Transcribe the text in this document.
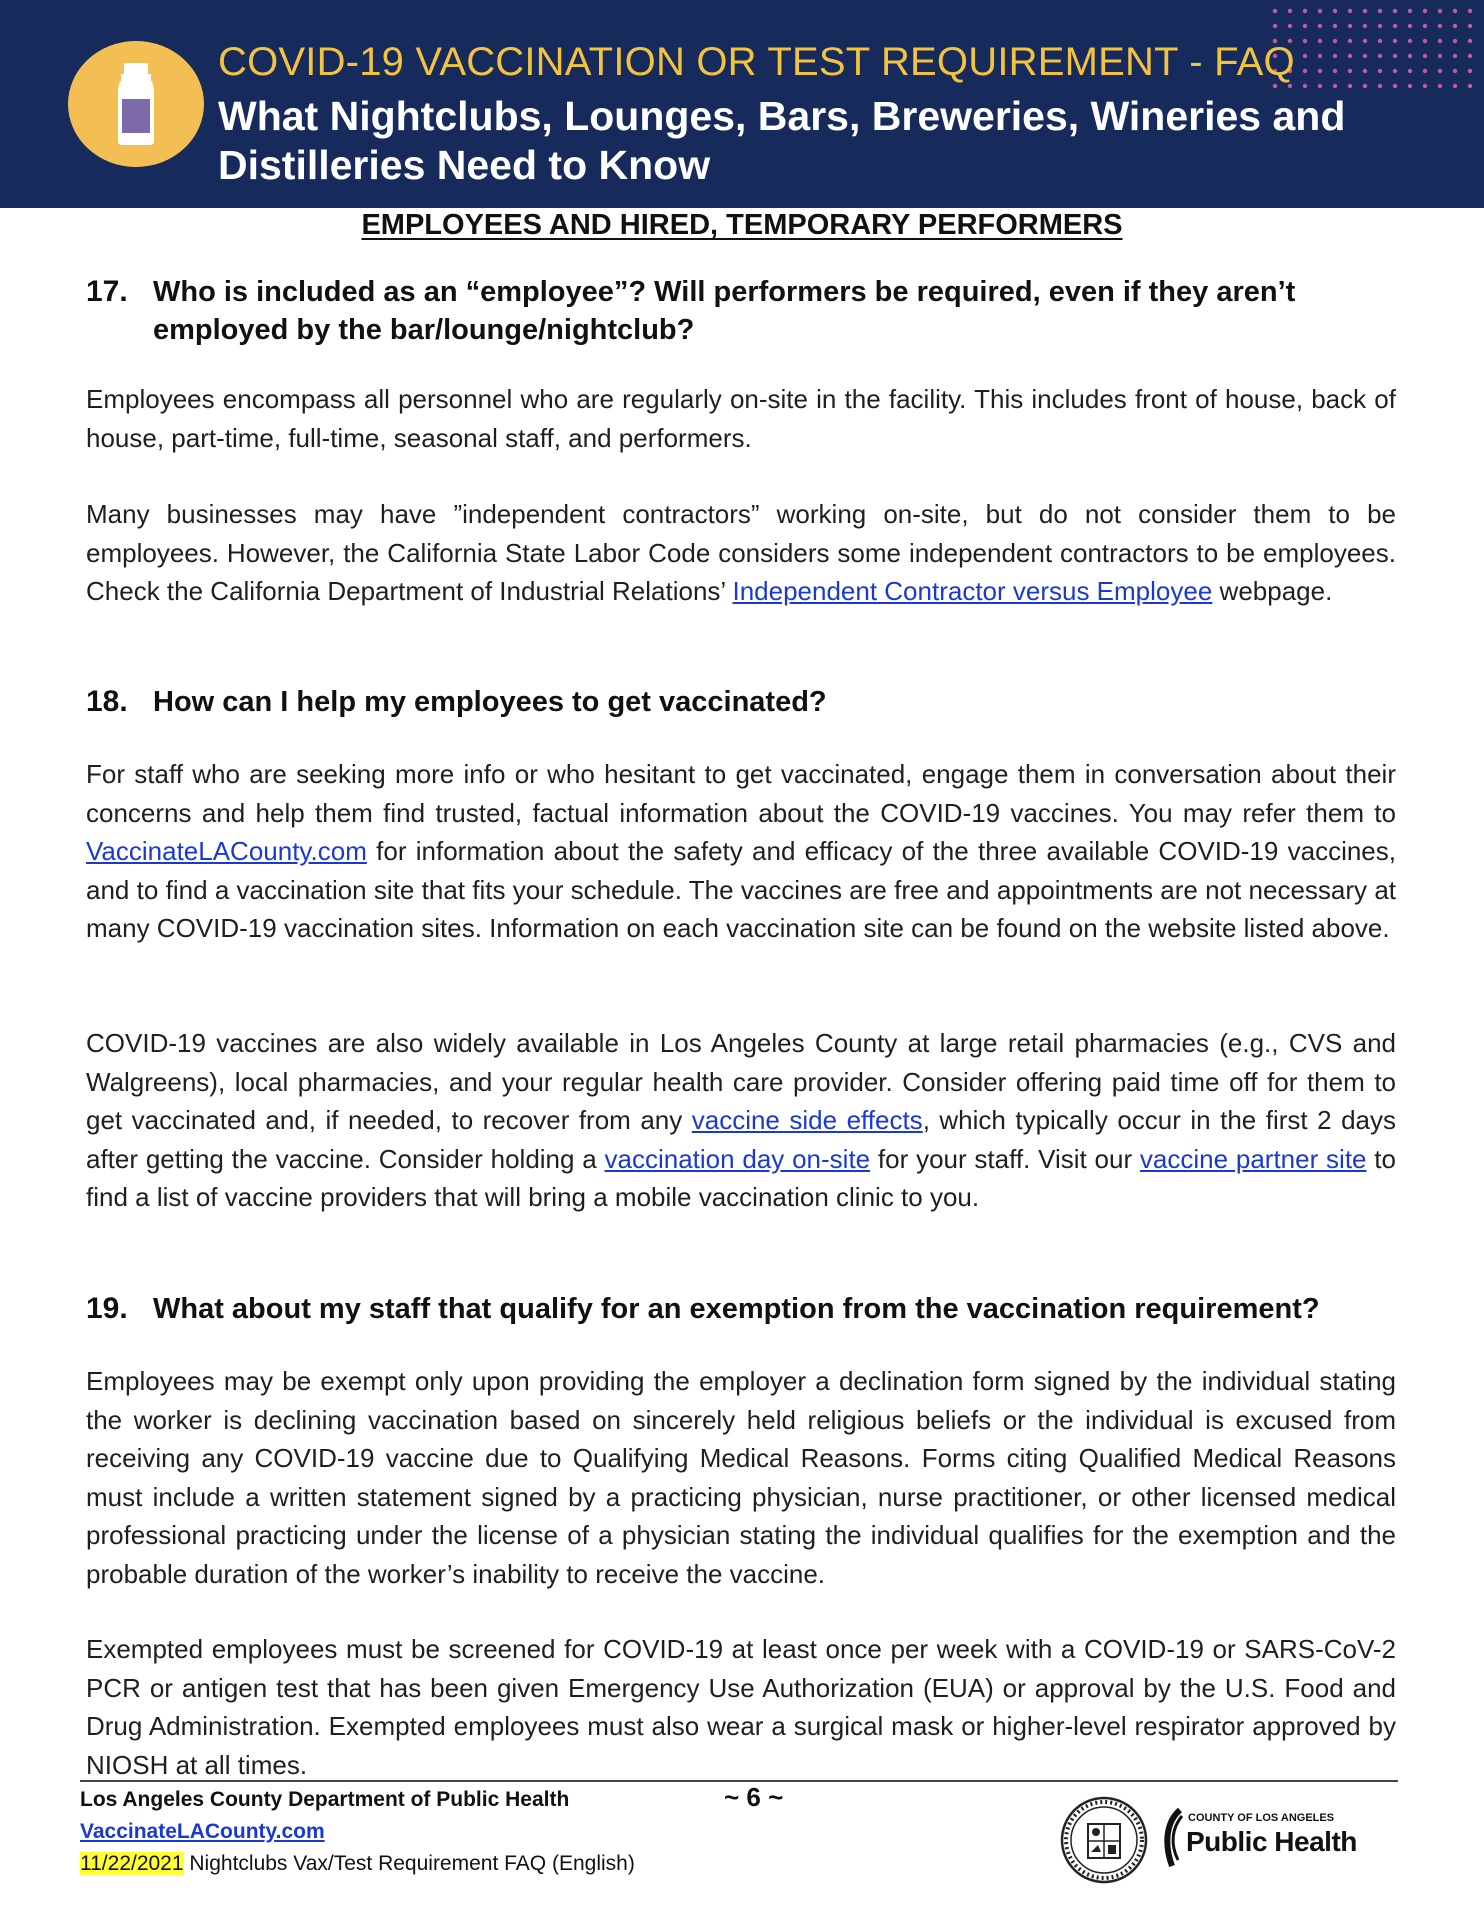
COVID-19 VACCINATION OR TEST REQUIREMENT - FAQ
What Nightclubs, Lounges, Bars, Breweries, Wineries and Distilleries Need to Know
EMPLOYEES AND HIRED, TEMPORARY PERFORMERS
17. Who is included as an “employee”? Will performers be required, even if they aren’t employed by the bar/lounge/nightclub?
Employees encompass all personnel who are regularly on-site in the facility. This includes front of house, back of house, part-time, full-time, seasonal staff, and performers.
Many businesses may have ”independent contractors” working on-site, but do not consider them to be employees. However, the California State Labor Code considers some independent contractors to be employees. Check the California Department of Industrial Relations’ Independent Contractor versus Employee webpage.
18. How can I help my employees to get vaccinated?
For staff who are seeking more info or who hesitant to get vaccinated, engage them in conversation about their concerns and help them find trusted, factual information about the COVID-19 vaccines. You may refer them to VaccinateLACounty.com for information about the safety and efficacy of the three available COVID-19 vaccines, and to find a vaccination site that fits your schedule. The vaccines are free and appointments are not necessary at many COVID-19 vaccination sites. Information on each vaccination site can be found on the website listed above.
COVID-19 vaccines are also widely available in Los Angeles County at large retail pharmacies (e.g., CVS and Walgreens), local pharmacies, and your regular health care provider. Consider offering paid time off for them to get vaccinated and, if needed, to recover from any vaccine side effects, which typically occur in the first 2 days after getting the vaccine. Consider holding a vaccination day on-site for your staff. Visit our vaccine partner site to find a list of vaccine providers that will bring a mobile vaccination clinic to you.
19. What about my staff that qualify for an exemption from the vaccination requirement?
Employees may be exempt only upon providing the employer a declination form signed by the individual stating the worker is declining vaccination based on sincerely held religious beliefs or the individual is excused from receiving any COVID-19 vaccine due to Qualifying Medical Reasons. Forms citing Qualified Medical Reasons must include a written statement signed by a practicing physician, nurse practitioner, or other licensed medical professional practicing under the license of a physician stating the individual qualifies for the exemption and the probable duration of the worker’s inability to receive the vaccine.
Exempted employees must be screened for COVID-19 at least once per week with a COVID-19 or SARS-CoV-2 PCR or antigen test that has been given Emergency Use Authorization (EUA) or approval by the U.S. Food and Drug Administration. Exempted employees must also wear a surgical mask or higher-level respirator approved by NIOSH at all times.
Los Angeles County Department of Public Health	~ 6 ~
VaccinateLACounty.com
11/22/2021 Nightclubs Vax/Test Requirement FAQ (English)
COUNTY OF LOS ANGELES
Public Health
